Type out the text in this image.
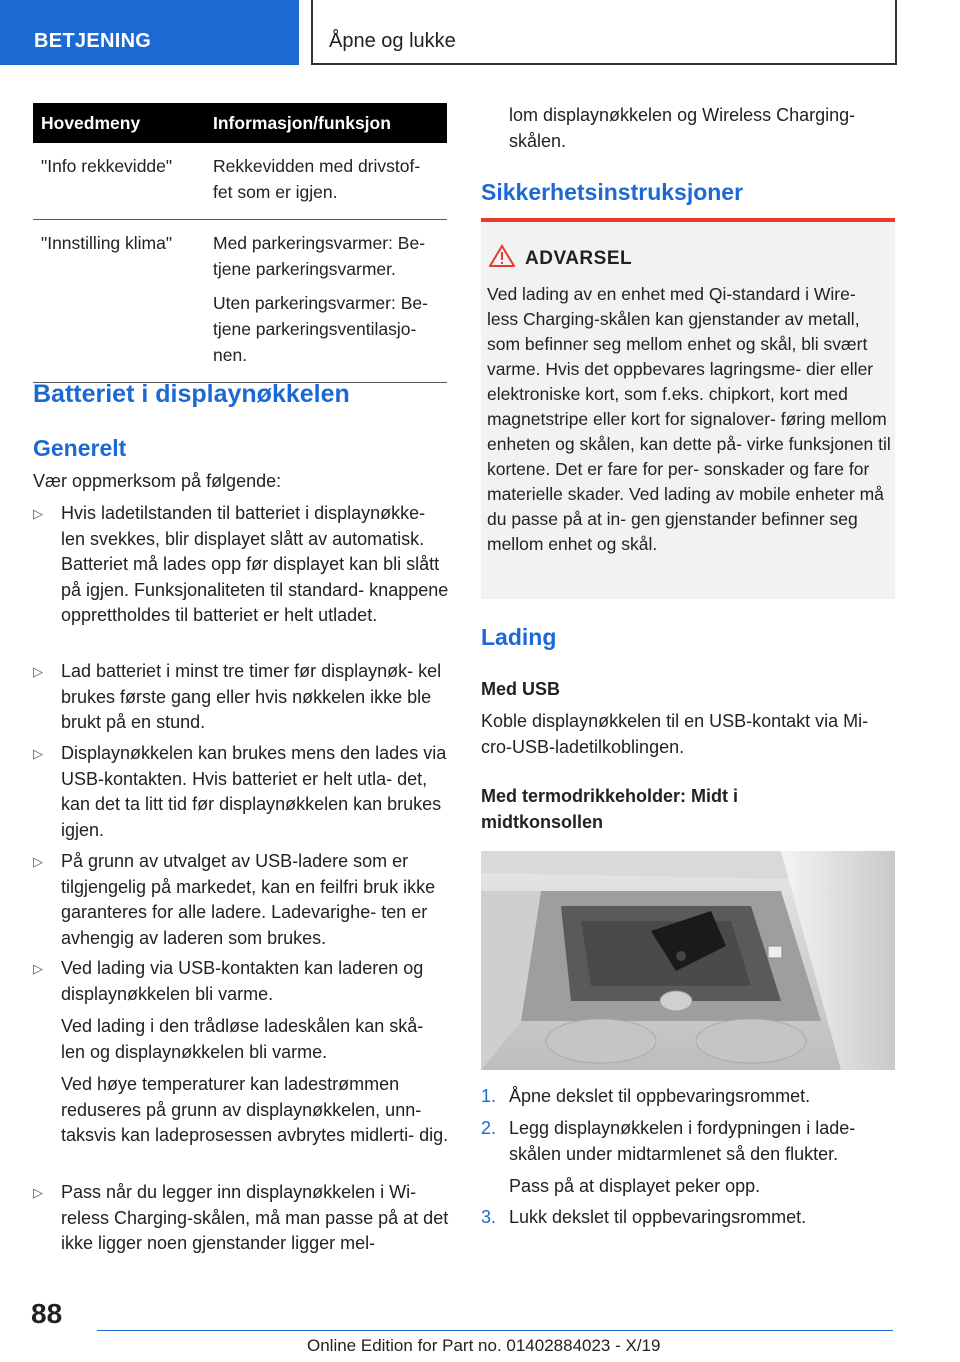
BETJENING	Åpne og lukke
Hovedmeny	Informasjon/funksjon
"Info rekkevidde"	Rekkevidden med drivstof‐ fet som er igjen.

"Innstilling klima"	Med parkeringsvarmer: Be‐ tjene parkeringsvarmer.

Uten parkeringsvarmer: Be‐ tjene parkeringsventilasjo‐ nen.

Batteriet i displaynøkkelen
Generelt
Vær oppmerksom på følgende:
▷ Hvis ladetilstanden til batteriet i displaynøkke‐ len svekkes, blir displayet slått av automatisk. Batteriet må lades opp før displayet kan bli slått på igjen. Funksjonaliteten til standard‐ knappene opprettholdes til batteriet er helt utladet.

▷ Lad batteriet i minst tre timer før displaynøk‐ kel brukes første gang eller hvis nøkkelen ikke ble brukt på en stund.

▷ Displaynøkkelen kan brukes mens den lades via USB-kontakten. Hvis batteriet er helt utla‐ det, kan det ta litt tid før displaynøkkelen kan brukes igjen.

▷ På grunn av utvalget av USB-ladere som er tilgjengelig på markedet, kan en feilfri bruk ikke garanteres for alle ladere. Ladevarighe‐ ten er avhengig av laderen som brukes.

▷ Ved lading via USB-kontakten kan laderen og displaynøkkelen bli varme.

Ved lading i den trådløse ladeskålen kan skå‐ len og displaynøkkelen bli varme.

Ved høye temperaturer kan ladestrømmen reduseres på grunn av displaynøkkelen, unn‐ taksvis kan ladeprosessen avbrytes midlerti‐ dig.

▷ Pass når du legger inn displaynøkkelen i Wi‐ reless Charging-skålen, må man passe på at det ikke ligger noen gjenstander ligger mel‐

lom displaynøkkelen og Wireless Charging- skålen.
Sikkerhetsinstruksjoner
ADVARSEL
Ved lading av en enhet med Qi-standard i Wire‐ less Charging-skålen kan gjenstander av metall, som befinner seg mellom enhet og skål, bli svært varme. Hvis det oppbevares lagringsme‐ dier eller elektroniske kort, som f.eks. chipkort, kort med magnetstripe eller kort for signalover‐ føring mellom enheten og skålen, kan dette på‐ virke funksjonen til kortene. Det er fare for per‐ sonskader og fare for materielle skader. Ved lading av mobile enheter må du passe på at in‐ gen gjenstander befinner seg mellom enhet og skål.
Lading
Med USB
Koble displaynøkkelen til en USB-kontakt via Mi‐ cro-USB-ladetilkoblingen.
Med termodrikkeholder: Midt i midtkonsollen
1. Åpne dekslet til oppbevaringsrommet.

2. Legg displaynøkkelen i fordypningen i lade‐ skålen under midtarmlenet så den flukter.

Pass på at displayet peker opp.

3. Lukk dekslet til oppbevaringsrommet.

88
Online Edition for Part no. 01402884023 - X/19
